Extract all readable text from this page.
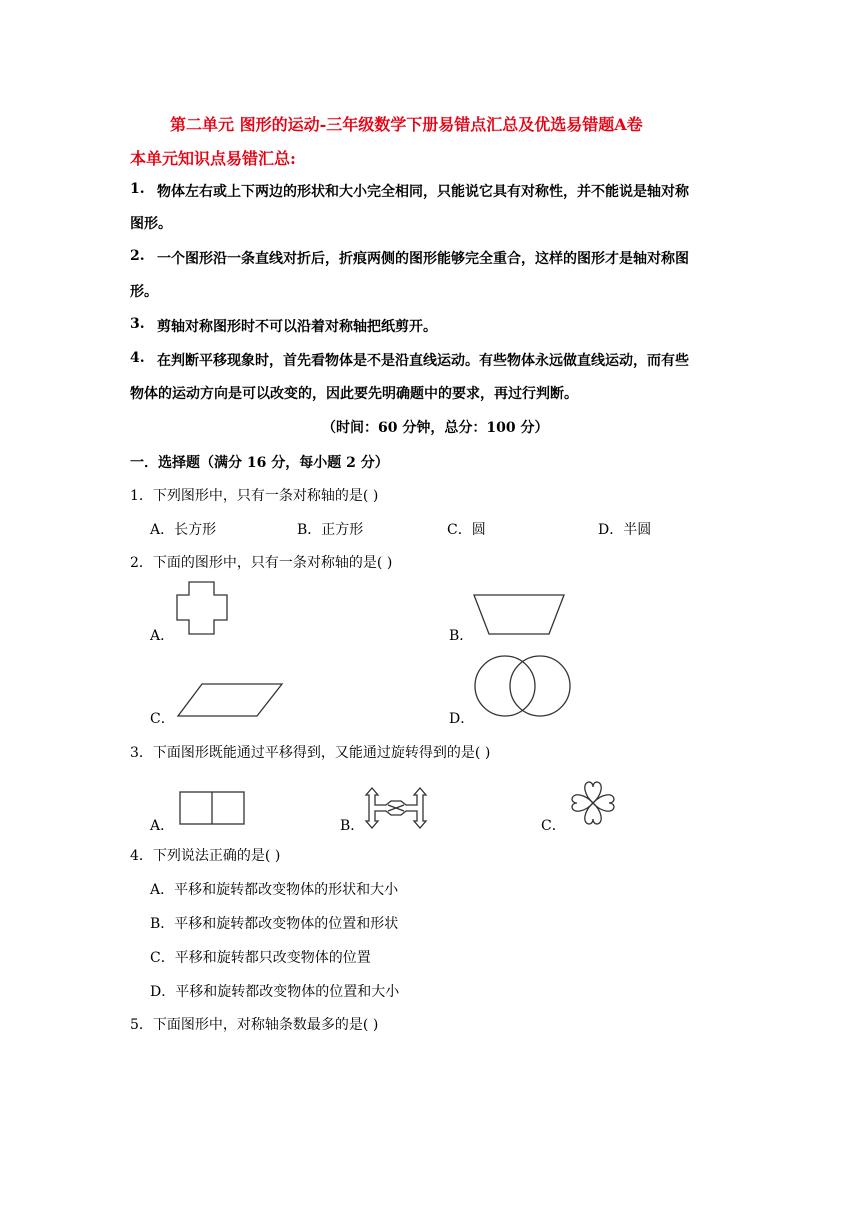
第二单元 图形的运动-三年级数学下册易错点汇总及优选易错题A卷
本单元知识点易错汇总:
1. 物体左右或上下两边的形状和大小完全相同，只能说它具有对称性，并不能说是轴对称
图形。
2. 一个图形沿一条直线对折后，折痕两侧的图形能够完全重合，这样的图形才是轴对称图
形。
3. 剪轴对称图形时不可以沿着对称轴把纸剪开。
4. 在判断平移现象时，首先看物体是不是沿直线运动。有些物体永远做直线运动，而有些
物体的运动方向是可以改变的，因此要先明确题中的要求，再过行判断。
（时间：60 分钟，总分：100 分）
一．选择题（满分 16 分，每小题 2 分）
1．下列图形中，只有一条对称轴的是( )
A．长方形	B．正方形	C．圆	D．半圆
2．下面的图形中，只有一条对称轴的是( )
A．	B．
C．	D．
3．下面图形既能通过平移得到，又能通过旋转得到的是( )
A．	B．	C．
4．下列说法正确的是( )
A．平移和旋转都改变物体的形状和大小
B．平移和旋转都改变物体的位置和形状
C．平移和旋转都只改变物体的位置
D．平移和旋转都改变物体的位置和大小
5．下面图形中，对称轴条数最多的是( )
